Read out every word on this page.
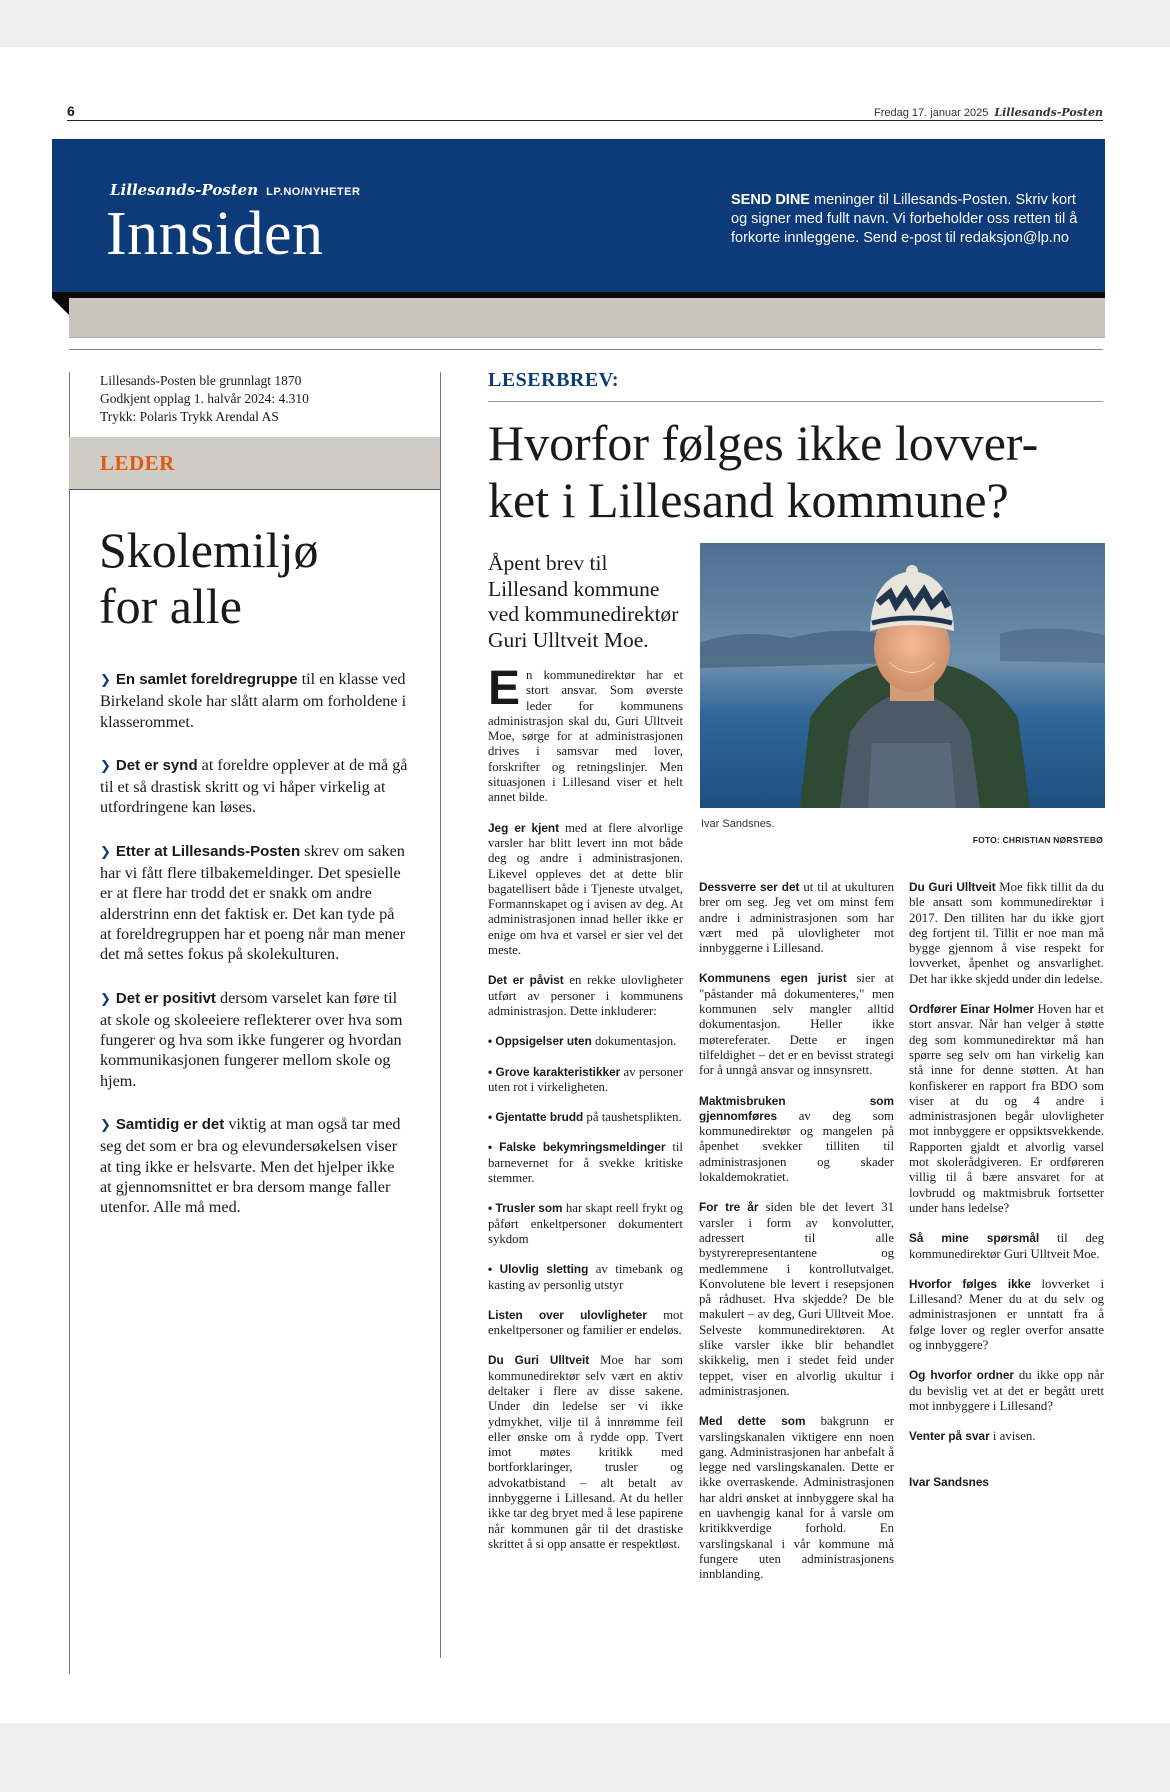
6	Fredag 17. januar 2025 Lillesands-Posten
Lillesands-Posten LP.NO/NYHETER
Innsiden	SEND DINE meninger til Lillesands-Posten. Skriv kort og signer med fullt navn. Vi forbeholder oss retten til å forkorte innleggene. Send e-post til redaksjon@lp.no
Lillesands-Posten ble grunnlagt 1870
Godkjent opplag 1. halvår 2024: 4.310
Trykk: Polaris Trykk Arendal AS
LEDER
Skolemiljø
for alle

❯ En samlet foreldregruppe til en klasse ved Birkeland skole har slått alarm om forholdene i klasserommet.

❯ Det er synd at foreldre opplever at de må gå til et så drastisk skritt og vi håper virkelig at utfordringene kan løses.

❯ Etter at Lillesands-Posten skrev om saken har vi fått flere tilbakemeldinger. Det spesielle er at flere har trodd det er snakk om andre alderstrinn enn det faktisk er. Det kan tyde på at foreldregruppen har et poeng når man mener det må settes fokus på skolekulturen.

❯ Det er positivt dersom varselet kan føre til at skole og skoleeiere reflekterer over hva som fungerer og hva som ikke fungerer og hvordan kommunikasjonen fungerer mellom skole og hjem.

❯ Samtidig er det viktig at man også tar med seg det som er bra og elevundersøkelsen viser at ting ikke er helsvarte. Men det hjelper ikke at gjennomsnittet er bra dersom mange faller utenfor. Alle må med.

LESERBREV:
Hvorfor følges ikke lovver-
ket i Lillesand kommune?
Åpent brev til Lillesand kommune ved kommunedirektør Guri Ulltveit Moe.
Ivar Sandsnes.
FOTO: CHRISTIAN NØRSTEBØ

En kommunedirektør har et stort ansvar. Som øverste leder for kommunens administrasjon skal du, Guri Ulltveit Moe, sørge for at administrasjonen drives i samsvar med lover, forskrifter og retningslinjer. Men situasjonen i Lillesand viser et helt annet bilde.

Jeg er kjent med at flere alvorlige varsler har blitt levert inn mot både deg og andre i administrasjonen. Likevel oppleves det at dette blir bagatellisert både i Tjeneste utvalget, Formannskapet og i avisen av deg. At administrasjonen innad heller ikke er enige om hva et varsel er sier vel det meste.

Det er påvist en rekke ulovligheter utført av personer i kommunens administrasjon. Dette inkluderer:

• Oppsigelser uten dokumentasjon.

• Grove karakteristikker av personer uten rot i virkeligheten.

• Gjentatte brudd på taushetsplikten.

• Falske bekymringsmeldinger til barnevernet for å svekke kritiske stemmer.

• Trusler som har skapt reell frykt og påført enkeltpersoner dokumentert sykdom

• Ulovlig sletting av timebank og kasting av personlig utstyr

Listen over ulovligheter mot enkeltpersoner og familier er endeløs.

Du Guri Ulltveit Moe har som kommunedirektør selv vært en aktiv deltaker i flere av disse sakene. Under din ledelse ser vi ikke ydmykhet, vilje til å innrømme feil eller ønske om å rydde opp. Tvert imot møtes kritikk med bortforklaringer, trusler og advokatbistand – alt betalt av innbyggerne i Lillesand. At du heller ikke tar deg bryet med å lese papirene når kommunen går til det drastiske skrittet å si opp ansatte er respektløst.

Dessverre ser det ut til at ukulturen brer om seg. Jeg vet om minst fem andre i administrasjonen som har vært med på ulovligheter mot innbyggerne i Lillesand.

Kommunens egen jurist sier at "påstander må dokumenteres," men kommunen selv mangler alltid dokumentasjon. Heller ikke møtereferater. Dette er ingen tilfeldighet – det er en bevisst strategi for å unngå ansvar og innsynsrett.

Maktmisbruken som gjennomføres av deg som kommunedirektør og mangelen på åpenhet svekker tilliten til administrasjonen og skader lokaldemokratiet.

For tre år siden ble det levert 31 varsler i form av konvolutter, adressert til alle bystyrerepresentantene og medlemmene i kontrollutvalget. Konvolutene ble levert i resepsjonen på rådhuset. Hva skjedde? De ble makulert – av deg, Guri Ulltveit Moe. Selveste kommunedirektøren. At slike varsler ikke blir behandlet skikkelig, men i stedet feid under teppet, viser en alvorlig ukultur i administrasjonen.

Med dette som bakgrunn er varslingskanalen viktigere enn noen gang. Administrasjonen har anbefalt å legge ned varslingskanalen. Dette er ikke overraskende. Administrasjonen har aldri ønsket at innbyggere skal ha en uavhengig kanal for å varsle om kritikkverdige forhold. En varslingskanal i vår kommune må fungere uten administrasjonens innblanding.

Du Guri Ulltveit Moe fikk tillit da du ble ansatt som kommunedirektør i 2017. Den tilliten har du ikke gjort deg fortjent til. Tillit er noe man må bygge gjennom å vise respekt for lovverket, åpenhet og ansvarlighet. Det har ikke skjedd under din ledelse.

Ordfører Einar Holmer Hoven har et stort ansvar. Når han velger å støtte deg som kommunedirektør må han spørre seg selv om han virkelig kan stå inne for denne støtten. At han konfiskerer en rapport fra BDO som viser at du og 4 andre i administrasjonen begår ulovligheter mot innbyggere er oppsiktsvekkende. Rapporten gjaldt et alvorlig varsel mot skolerådgiveren. Er ordføreren villig til å bære ansvaret for at lovbrudd og maktmisbruk fortsetter under hans ledelse?

Så mine spørsmål til deg kommunedirektør Guri Ulltveit Moe.

Hvorfor følges ikke lovverket i Lillesand? Mener du at du selv og administrasjonen er unntatt fra å følge lover og regler overfor ansatte og innbyggere?

Og hvorfor ordner du ikke opp når du bevislig vet at det er begått urett mot innbyggere i Lillesand?

Venter på svar i avisen.

Ivar Sandsnes
